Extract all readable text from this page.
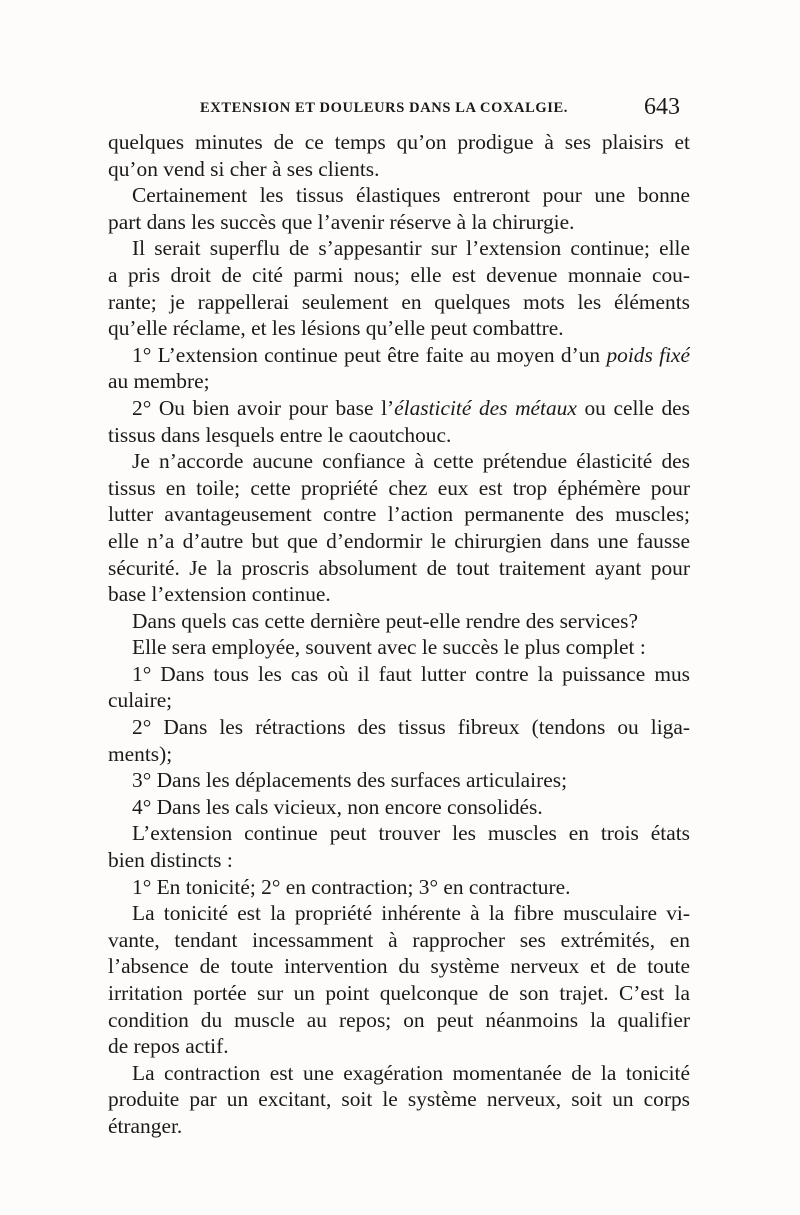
EXTENSION ET DOULEURS DANS LA COXALGIE.	643
quelques minutes de ce temps qu’on prodigue à ses plaisirs et
qu’on vend si cher à ses clients.
Certainement les tissus élastiques entreront pour une bonne
part dans les succès que l’avenir réserve à la chirurgie.
Il serait superflu de s’appesantir sur l’extension continue; elle
a pris droit de cité parmi nous; elle est devenue monnaie cou-
rante; je rappellerai seulement en quelques mots les éléments
qu’elle réclame, et les lésions qu’elle peut combattre.
1° L’extension continue peut être faite au moyen d’un poids fixé
au membre;
2° Ou bien avoir pour base l’élasticité des métaux ou celle des
tissus dans lesquels entre le caoutchouc.
Je n’accorde aucune confiance à cette prétendue élasticité des
tissus en toile; cette propriété chez eux est trop éphémère pour
lutter avantageusement contre l’action permanente des muscles;
elle n’a d’autre but que d’endormir le chirurgien dans une fausse
sécurité. Je la proscris absolument de tout traitement ayant pour
base l’extension continue.
Dans quels cas cette dernière peut-elle rendre des services?
Elle sera employée, souvent avec le succès le plus complet :
1° Dans tous les cas où il faut lutter contre la puissance mus
culaire;
2° Dans les rétractions des tissus fibreux (tendons ou liga-
ments);
3° Dans les déplacements des surfaces articulaires;
4° Dans les cals vicieux, non encore consolidés.
L’extension continue peut trouver les muscles en trois états
bien distincts :
1° En tonicité; 2° en contraction; 3° en contracture.
La tonicité est la propriété inhérente à la fibre musculaire vi-
vante, tendant incessamment à rapprocher ses extrémités, en
l’absence de toute intervention du système nerveux et de toute
irritation portée sur un point quelconque de son trajet. C’est la
condition du muscle au repos; on peut néanmoins la qualifier
de repos actif.
La contraction est une exagération momentanée de la tonicité
produite par un excitant, soit le système nerveux, soit un corps
étranger.
